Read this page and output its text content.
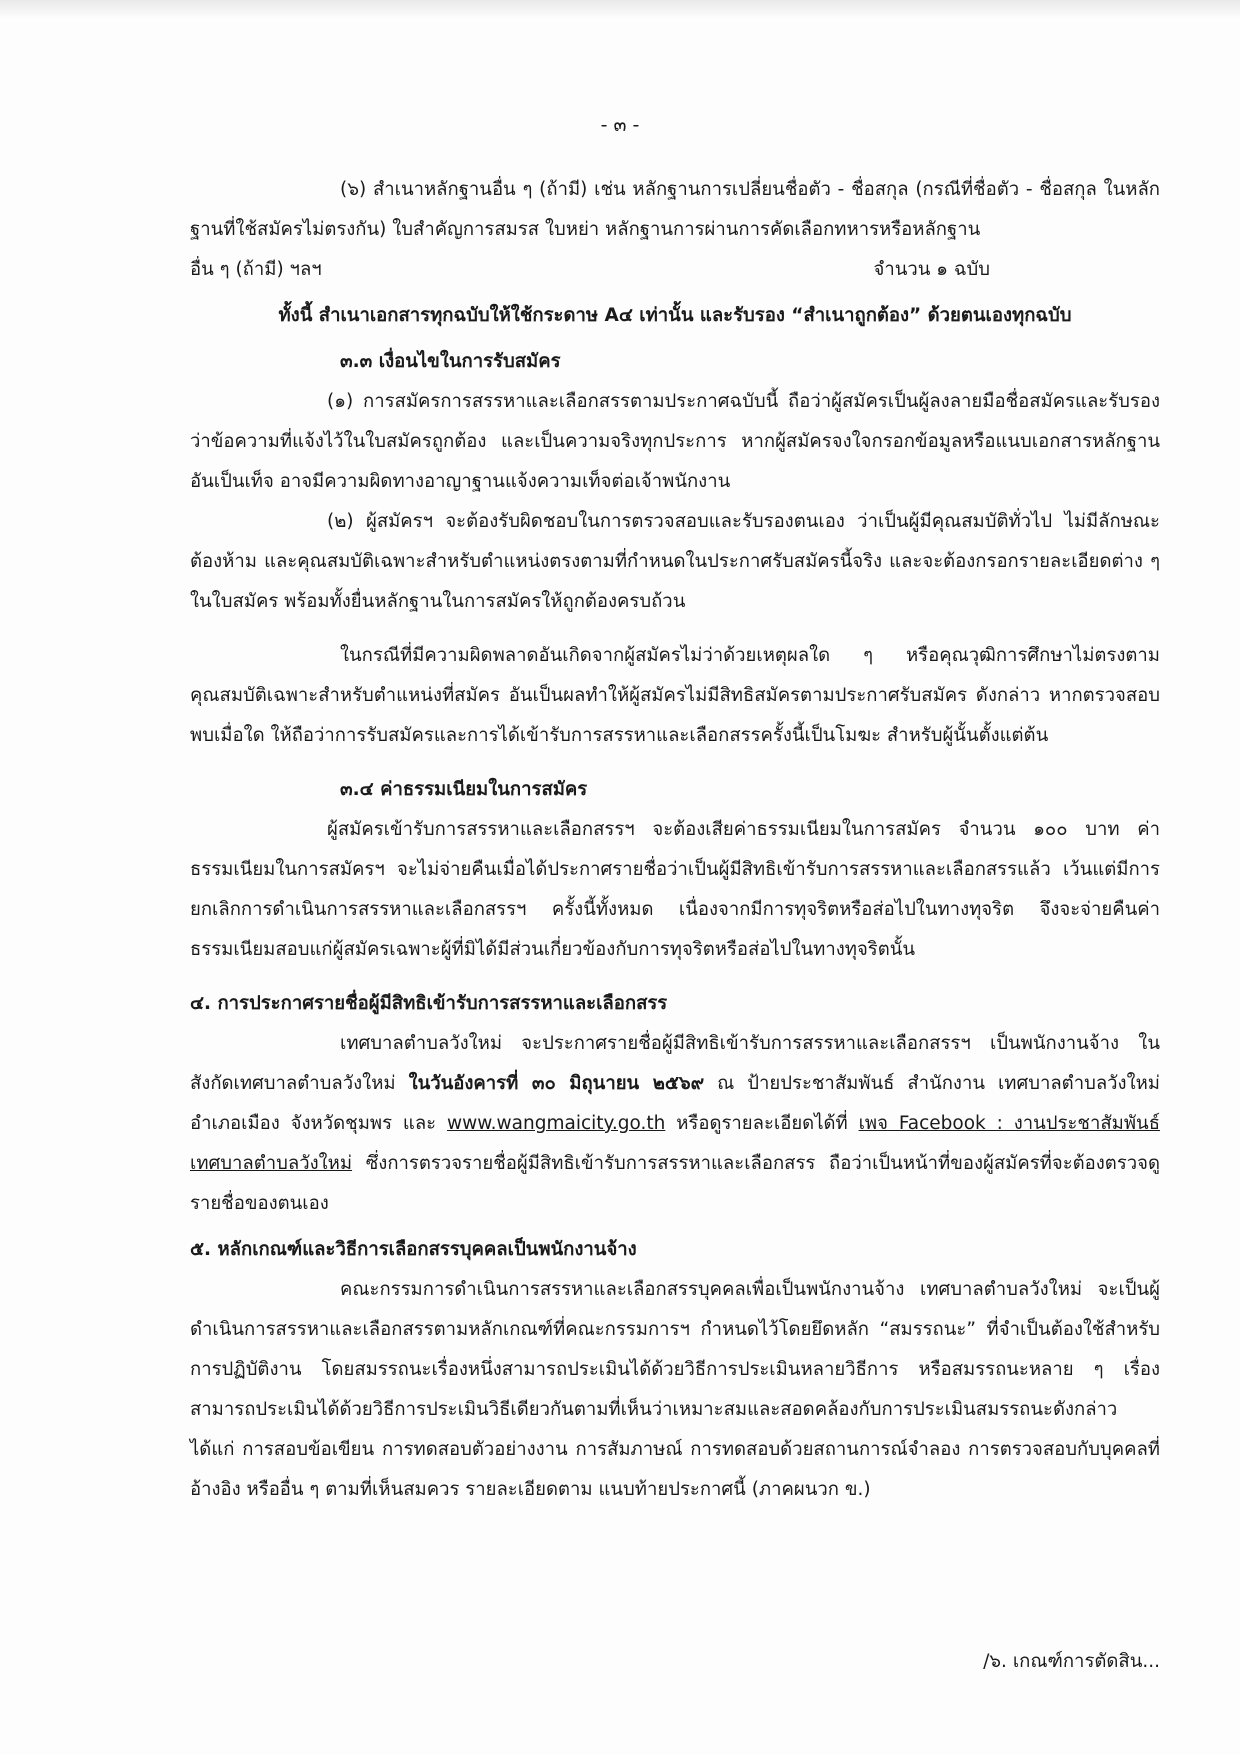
- ๓ -

(๖) สำเนาหลักฐานอื่น ๆ (ถ้ามี) เช่น หลักฐานการเปลี่ยนชื่อตัว - ชื่อสกุล (กรณีที่ชื่อตัว - ชื่อสกุล ในหลักฐานที่ใช้สมัครไม่ตรงกัน) ใบสำคัญการสมรส ใบหย่า หลักฐานการผ่านการคัดเลือกทหารหรือหลักฐาน

อื่น ๆ (ถ้ามี) ฯลฯ	จำนวน ๑ ฉบับ

ทั้งนี้ สำเนาเอกสารทุกฉบับให้ใช้กระดาษ A๔ เท่านั้น และรับรอง “สำเนาถูกต้อง” ด้วยตนเองทุกฉบับ

๓.๓ เงื่อนไขในการรับสมัคร

(๑) การสมัครการสรรหาและเลือกสรรตามประกาศฉบับนี้ ถือว่าผู้สมัครเป็นผู้ลงลายมือชื่อสมัครและรับรองว่าข้อความที่แจ้งไว้ในใบสมัครถูกต้อง และเป็นความจริงทุกประการ หากผู้สมัครจงใจกรอกข้อมูลหรือแนบเอกสารหลักฐานอันเป็นเท็จ อาจมีความผิดทางอาญาฐานแจ้งความเท็จต่อเจ้าพนักงาน

(๒) ผู้สมัครฯ จะต้องรับผิดชอบในการตรวจสอบและรับรองตนเอง ว่าเป็นผู้มีคุณสมบัติทั่วไป ไม่มีลักษณะต้องห้าม และคุณสมบัติเฉพาะสำหรับตำแหน่งตรงตามที่กำหนดในประกาศรับสมัครนี้จริง และจะต้องกรอกรายละเอียดต่าง ๆ ในใบสมัคร พร้อมทั้งยื่นหลักฐานในการสมัครให้ถูกต้องครบถ้วน

ในกรณีที่มีความผิดพลาดอันเกิดจากผู้สมัครไม่ว่าด้วยเหตุผลใด ๆ หรือคุณวุฒิการศึกษาไม่ตรงตามคุณสมบัติเฉพาะสำหรับตำแหน่งที่สมัคร อันเป็นผลทำให้ผู้สมัครไม่มีสิทธิสมัครตามประกาศรับสมัคร ดังกล่าว หากตรวจสอบพบเมื่อใด ให้ถือว่าการรับสมัครและการได้เข้ารับการสรรหาและเลือกสรรครั้งนี้เป็นโมฆะ สำหรับผู้นั้นตั้งแต่ต้น

๓.๔ ค่าธรรมเนียมในการสมัคร

ผู้สมัครเข้ารับการสรรหาและเลือกสรรฯ จะต้องเสียค่าธรรมเนียมในการสมัคร จำนวน ๑๐๐ บาท ค่าธรรมเนียมในการสมัครฯ จะไม่จ่ายคืนเมื่อได้ประกาศรายชื่อว่าเป็นผู้มีสิทธิเข้ารับการสรรหาและเลือกสรรแล้ว เว้นแต่มีการยกเลิกการดำเนินการสรรหาและเลือกสรรฯ ครั้งนี้ทั้งหมด เนื่องจากมีการทุจริตหรือส่อไปในทางทุจริต จึงจะจ่ายคืนค่าธรรมเนียมสอบแก่ผู้สมัครเฉพาะผู้ที่มิได้มีส่วนเกี่ยวข้องกับการทุจริตหรือส่อไปในทางทุจริตนั้น

๔. การประกาศรายชื่อผู้มีสิทธิเข้ารับการสรรหาและเลือกสรร

เทศบาลตำบลวังใหม่ จะประกาศรายชื่อผู้มีสิทธิเข้ารับการสรรหาและเลือกสรรฯ เป็นพนักงานจ้าง ในสังกัดเทศบาลตำบลวังใหม่ ในวันอังคารที่ ๓๐ มิถุนายน ๒๕๖๙ ณ ป้ายประชาสัมพันธ์ สำนักงาน เทศบาลตำบลวังใหม่ อำเภอเมือง จังหวัดชุมพร และ www.wangmaicity.go.th หรือดูรายละเอียดได้ที่ เพจ Facebook : งานประชาสัมพันธ์เทศบาลตำบลวังใหม่ ซึ่งการตรวจรายชื่อผู้มีสิทธิเข้ารับการสรรหาและเลือกสรร ถือว่าเป็นหน้าที่ของผู้สมัครที่จะต้องตรวจดูรายชื่อของตนเอง

๕. หลักเกณฑ์และวิธีการเลือกสรรบุคคลเป็นพนักงานจ้าง

คณะกรรมการดำเนินการสรรหาและเลือกสรรบุคคลเพื่อเป็นพนักงานจ้าง เทศบาลตำบลวังใหม่ จะเป็นผู้ดำเนินการสรรหาและเลือกสรรตามหลักเกณฑ์ที่คณะกรรมการฯ กำหนดไว้โดยยึดหลัก “สมรรถนะ” ที่จำเป็นต้องใช้สำหรับการปฏิบัติงาน โดยสมรรถนะเรื่องหนึ่งสามารถประเมินได้ด้วยวิธีการประเมินหลายวิธีการ หรือสมรรถนะหลาย ๆ เรื่อง สามารถประเมินได้ด้วยวิธีการประเมินวิธีเดียวกันตามที่เห็นว่าเหมาะสมและสอดคล้องกับการประเมินสมรรถนะดังกล่าว ได้แก่ การสอบข้อเขียน การทดสอบตัวอย่างงาน การสัมภาษณ์ การทดสอบด้วยสถานการณ์จำลอง การตรวจสอบกับบุคคลที่อ้างอิง หรืออื่น ๆ ตามที่เห็นสมควร รายละเอียดตาม แนบท้ายประกาศนี้ (ภาคผนวก ข.)

/๖. เกณฑ์การตัดสิน...
